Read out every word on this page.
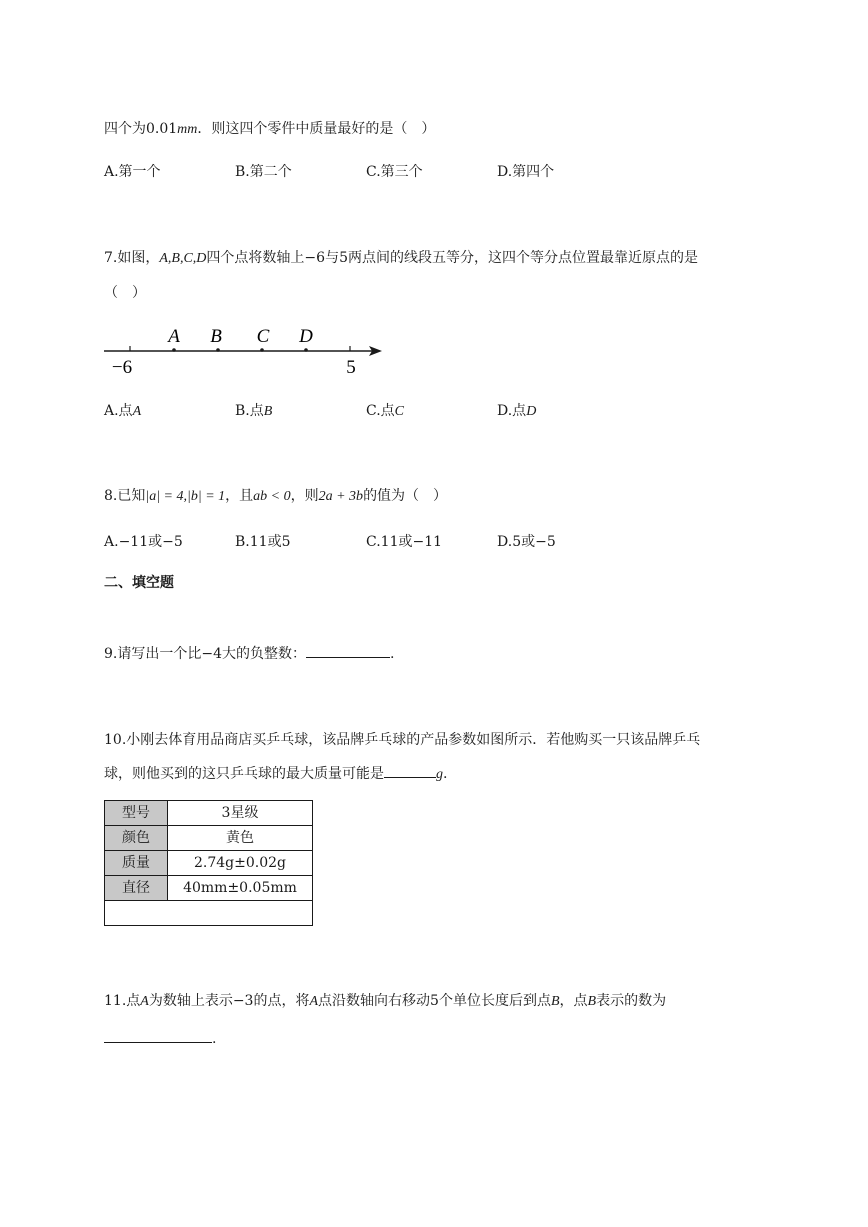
四个为0.01mm．则这四个零件中质量最好的是（　）
A.第一个	B.第二个	C.第三个	D.第四个
7.如图，A,B,C,D四个点将数轴上−6与5两点间的线段五等分，这四个等分点位置最靠近原点的是
（　）
A B C D
−6	5
A.点A	B.点B	C.点C	D.点D
8.已知|a| = 4,|b| = 1，且ab < 0，则2a + 3b的值为（　）
A.−11或−5	B.11或5	C.11或−11	D.5或−5
二、填空题
9.请写出一个比−4大的负整数：	.
10.小刚去体育用品商店买乒乓球，该品牌乒乓球的产品参数如图所示．若他购买一只该品牌乒乓
球，则他买到的这只乒乓球的最大质量可能是	g.
型号	3星级
颜色	黄色
质量	2.74g±0.02g
直径	40mm±0.05mm

11.点A为数轴上表示−3的点，将A点沿数轴向右移动5个单位长度后到点B，点B表示的数为
.
